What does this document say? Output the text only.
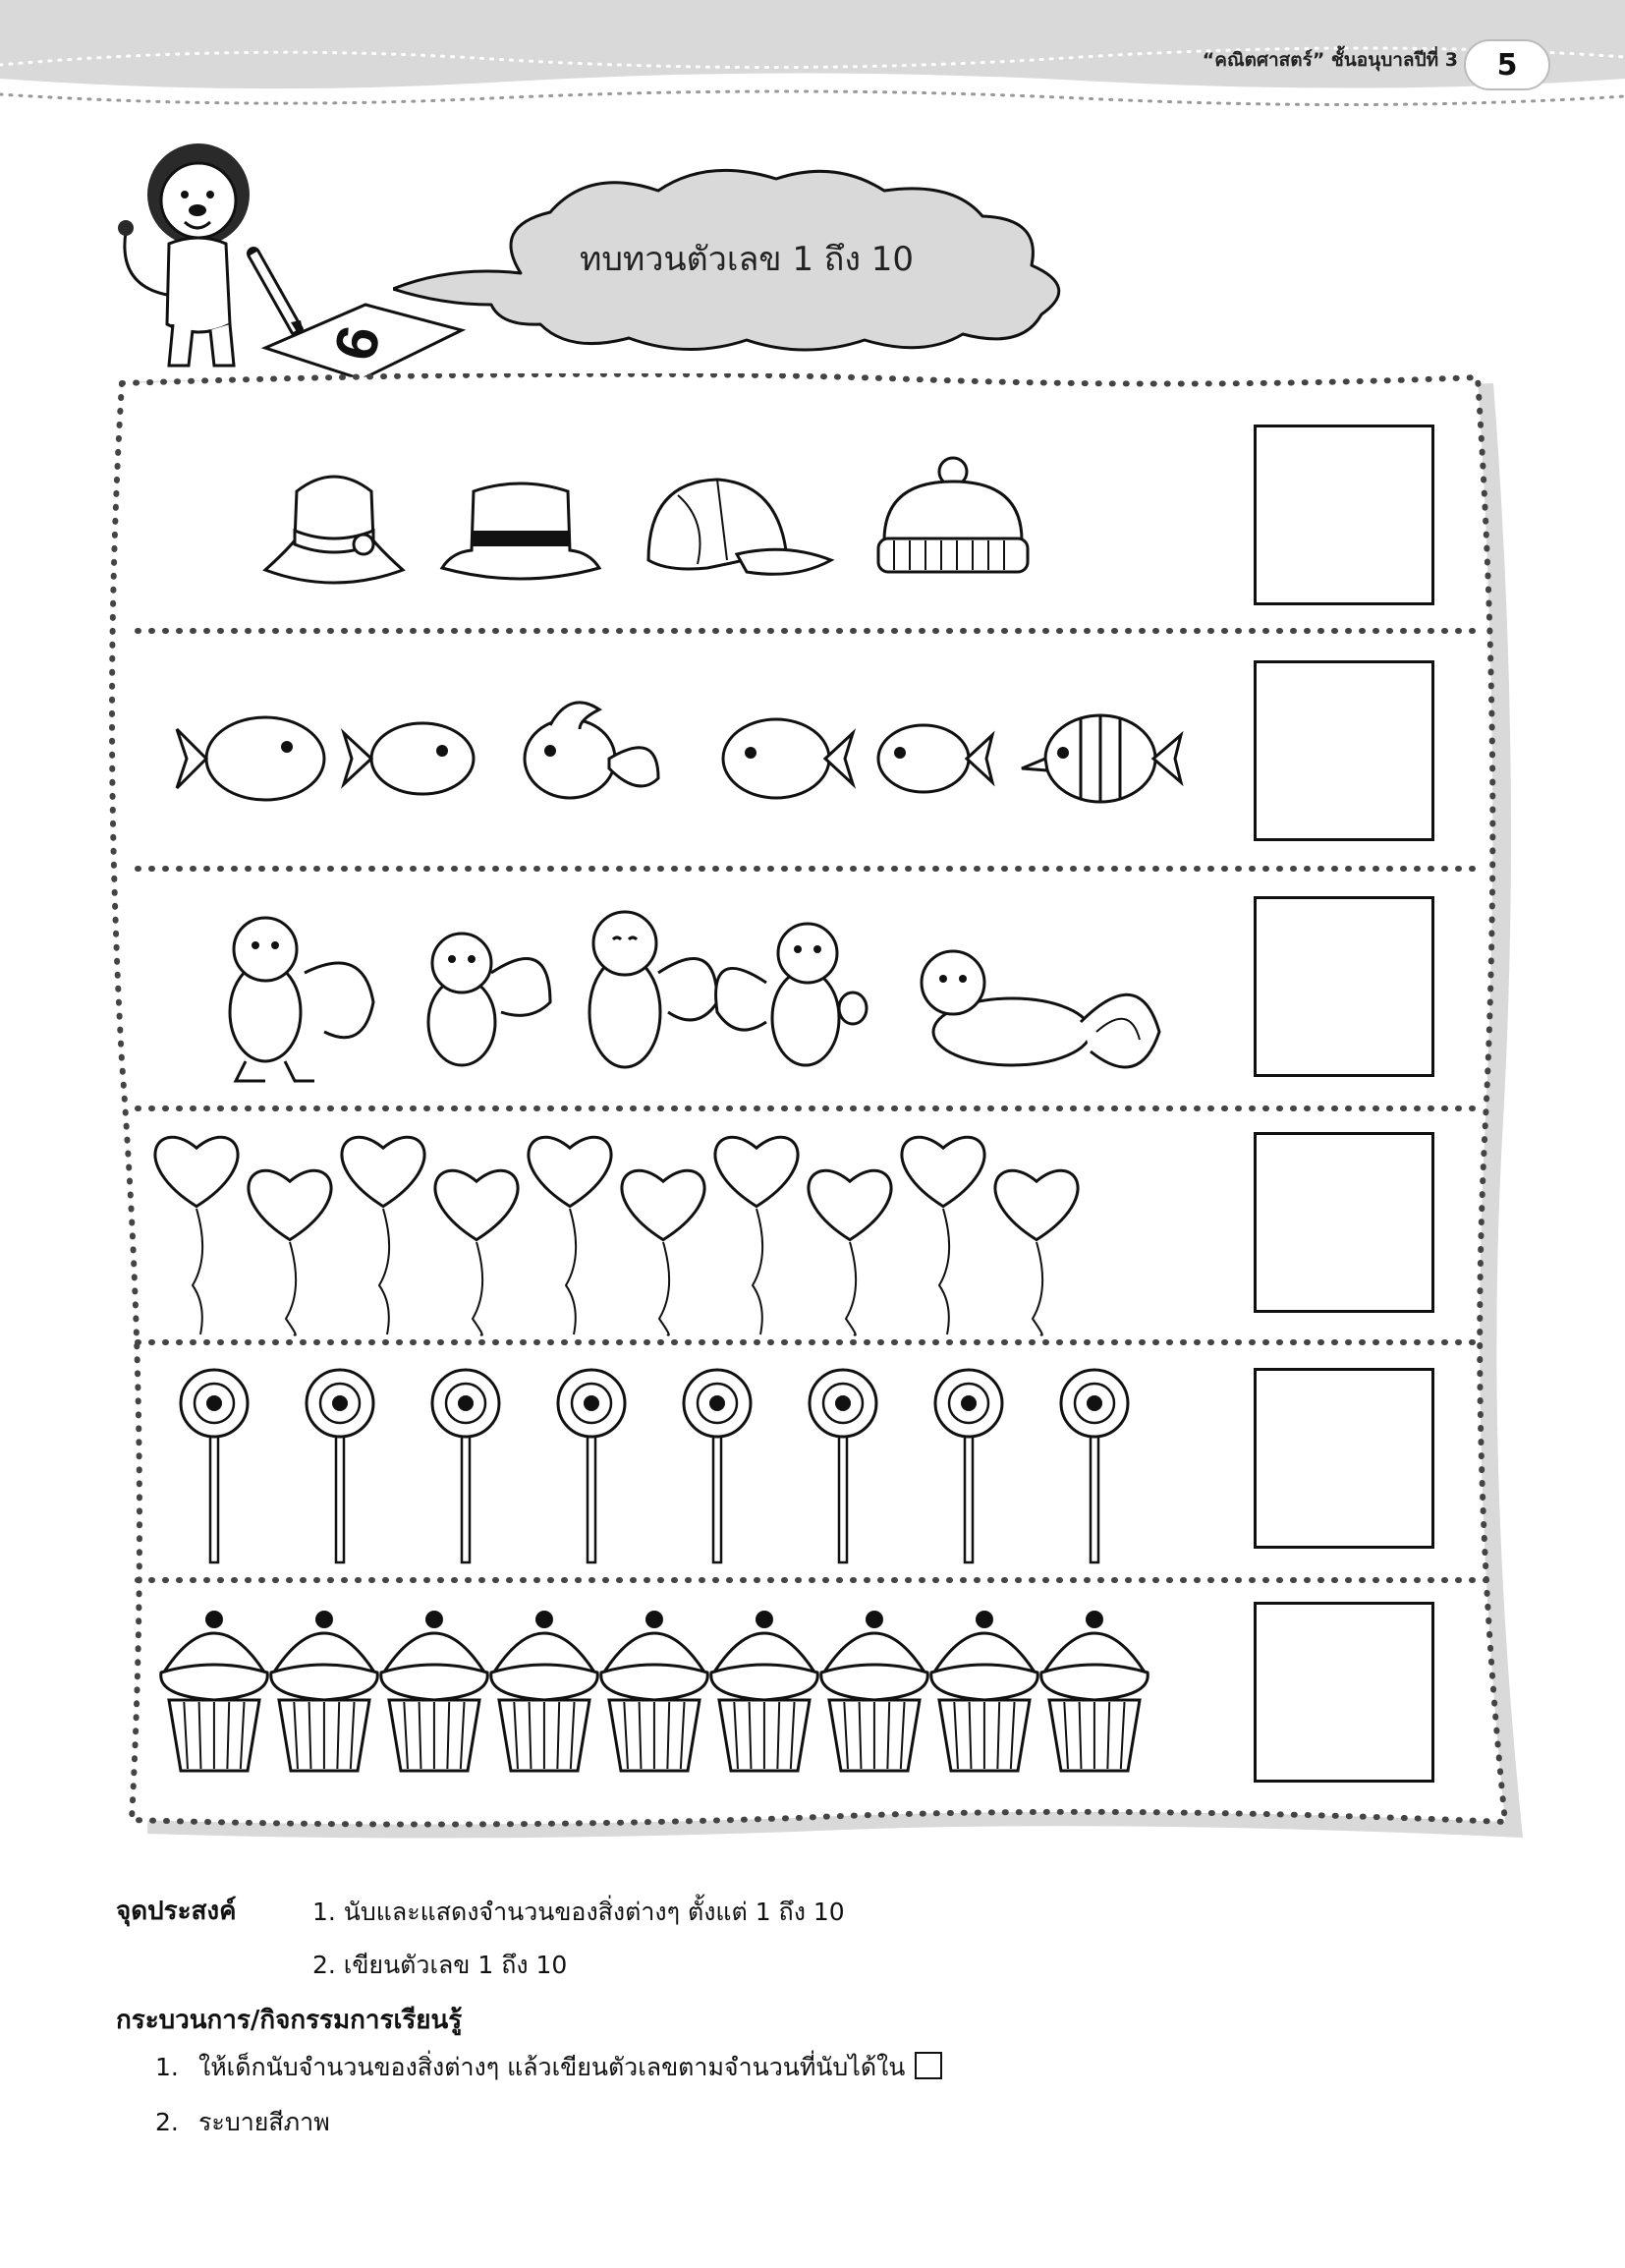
“คณิตศาสตร์” ชั้นอนุบาลปีที่ 3	5
6
ทบทวนตัวเลข 1 ถึง 10
จุดประสงค์	1. นับและแสดงจำนวนของสิ่งต่างๆ ตั้งแต่ 1 ถึง 10
2. เขียนตัวเลข 1 ถึง 10
กระบวนการ/กิจกรรมการเรียนรู้
1. ให้เด็กนับจำนวนของสิ่งต่างๆ แล้วเขียนตัวเลขตามจำนวนที่นับได้ใน
2. ระบายสีภาพ
